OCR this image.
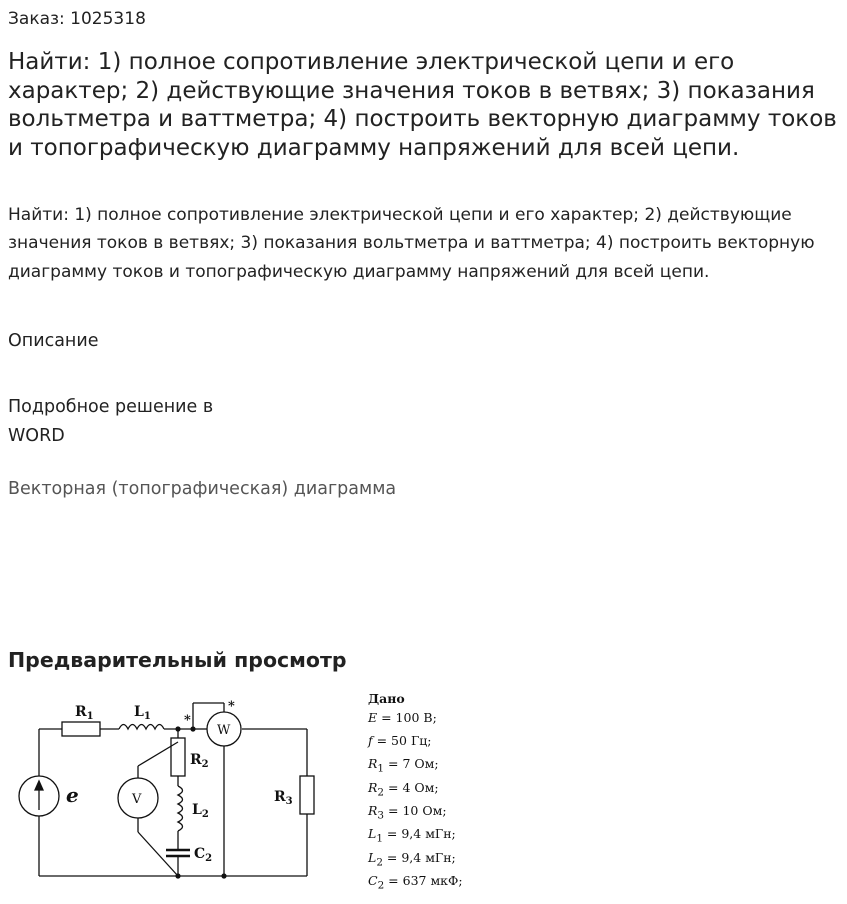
Заказ: 1025318
Найти: 1) полное сопротивление электрической цепи и его характер; 2) действующие значения токов в ветвях; 3) показания вольтметра и ваттметра; 4) построить векторную диаграмму токов и топографическую диаграмму напряжений для всей цепи.

Найти: 1) полное сопротивление электрической цепи и его характер; 2) действующие значения токов в ветвях; 3) показания вольтметра и ваттметра; 4) построить векторную диаграмму токов и топографическую диаграмму напряжений для всей цепи.

Описание
Подробное решение в
WORD
Векторная (топографическая) диаграмма
Предварительный просмотр
$R_1$	$L_1$
$R_2$
$L_2$
$C_2$
$R_3$
e	V
W
*
*
Дано
E = 100 В;
f = 50 Гц;
$R_1 = 7$ Ом;
$R_2 = 4$ Ом;
$R_3 = 10$ Ом;
$L_1 = 9,4$ мГн;
$L_2 = 9,4$ мГн;
$C_2 = 637$ мкФ;
